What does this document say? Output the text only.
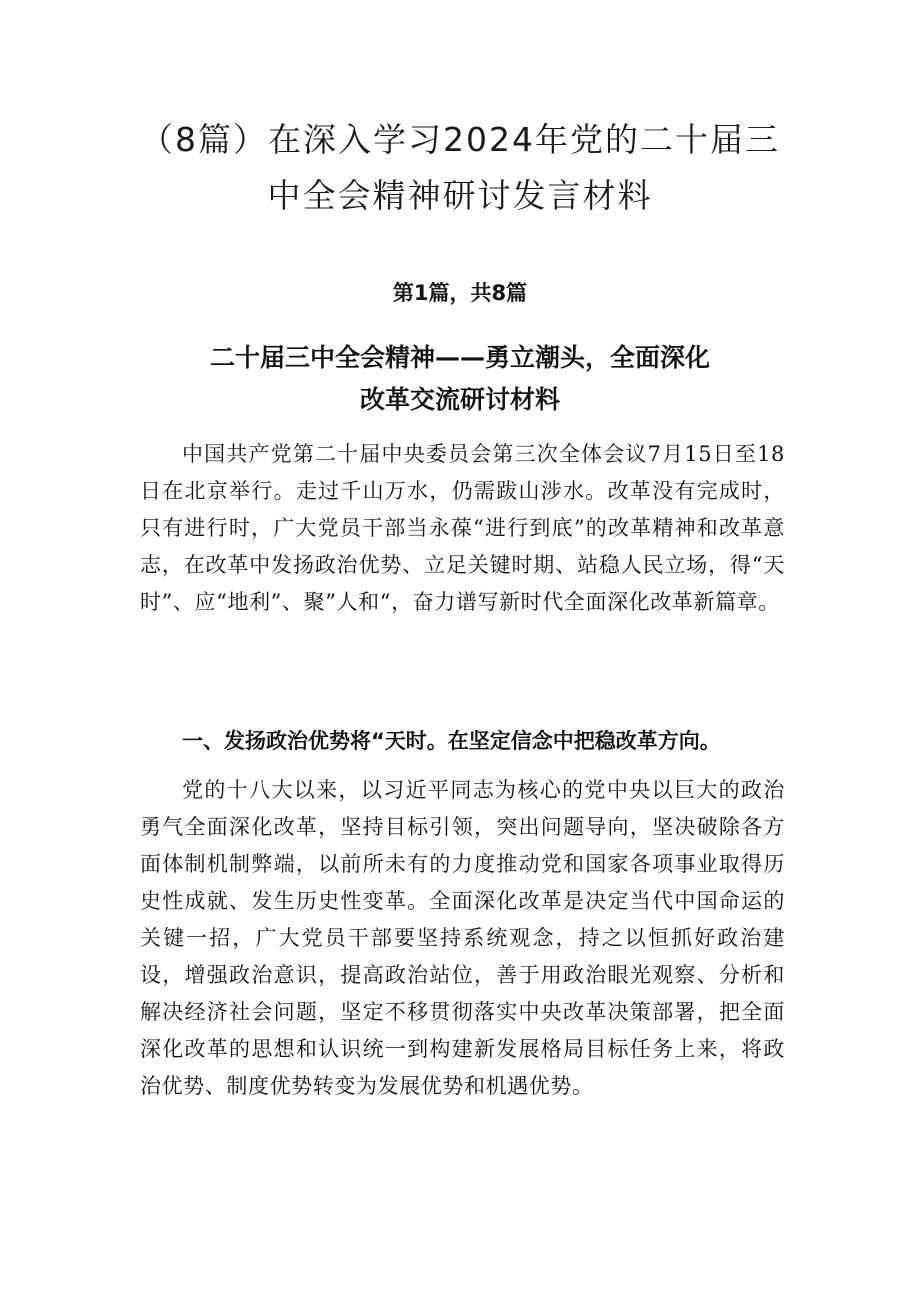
（8篇）在深入学习2024年党的二十届三
中全会精神研讨发言材料

第1篇，共8篇

二十届三中全会精神——勇立潮头，全面深化
改革交流研讨材料

中国共产党第二十届中央委员会第三次全体会议7月15日至18日在北京举行。走过千山万水，仍需跋山涉水。改革没有完成时，只有进行时，广大党员干部当永葆“进行到底”的改革精神和改革意志，在改革中发扬政治优势、立足关键时期、站稳人民立场，得“天时”、应“地利”、聚”人和“，奋力谱写新时代全面深化改革新篇章。

一、发扬政治优势将“天时。在坚定信念中把稳改革方向。

党的十八大以来，以习近平同志为核心的党中央以巨大的政治勇气全面深化改革，坚持目标引领，突出问题导向，坚决破除各方面体制机制弊端，以前所未有的力度推动党和国家各项事业取得历史性成就、发生历史性变革。全面深化改革是决定当代中国命运的关键一招，广大党员干部要坚持系统观念，持之以恒抓好政治建设，增强政治意识，提高政治站位，善于用政治眼光观察、分析和解决经济社会问题，坚定不移贯彻落实中央改革决策部署，把全面深化改革的思想和认识统一到构建新发展格局目标任务上来，将政治优势、制度优势转变为发展优势和机遇优势。
